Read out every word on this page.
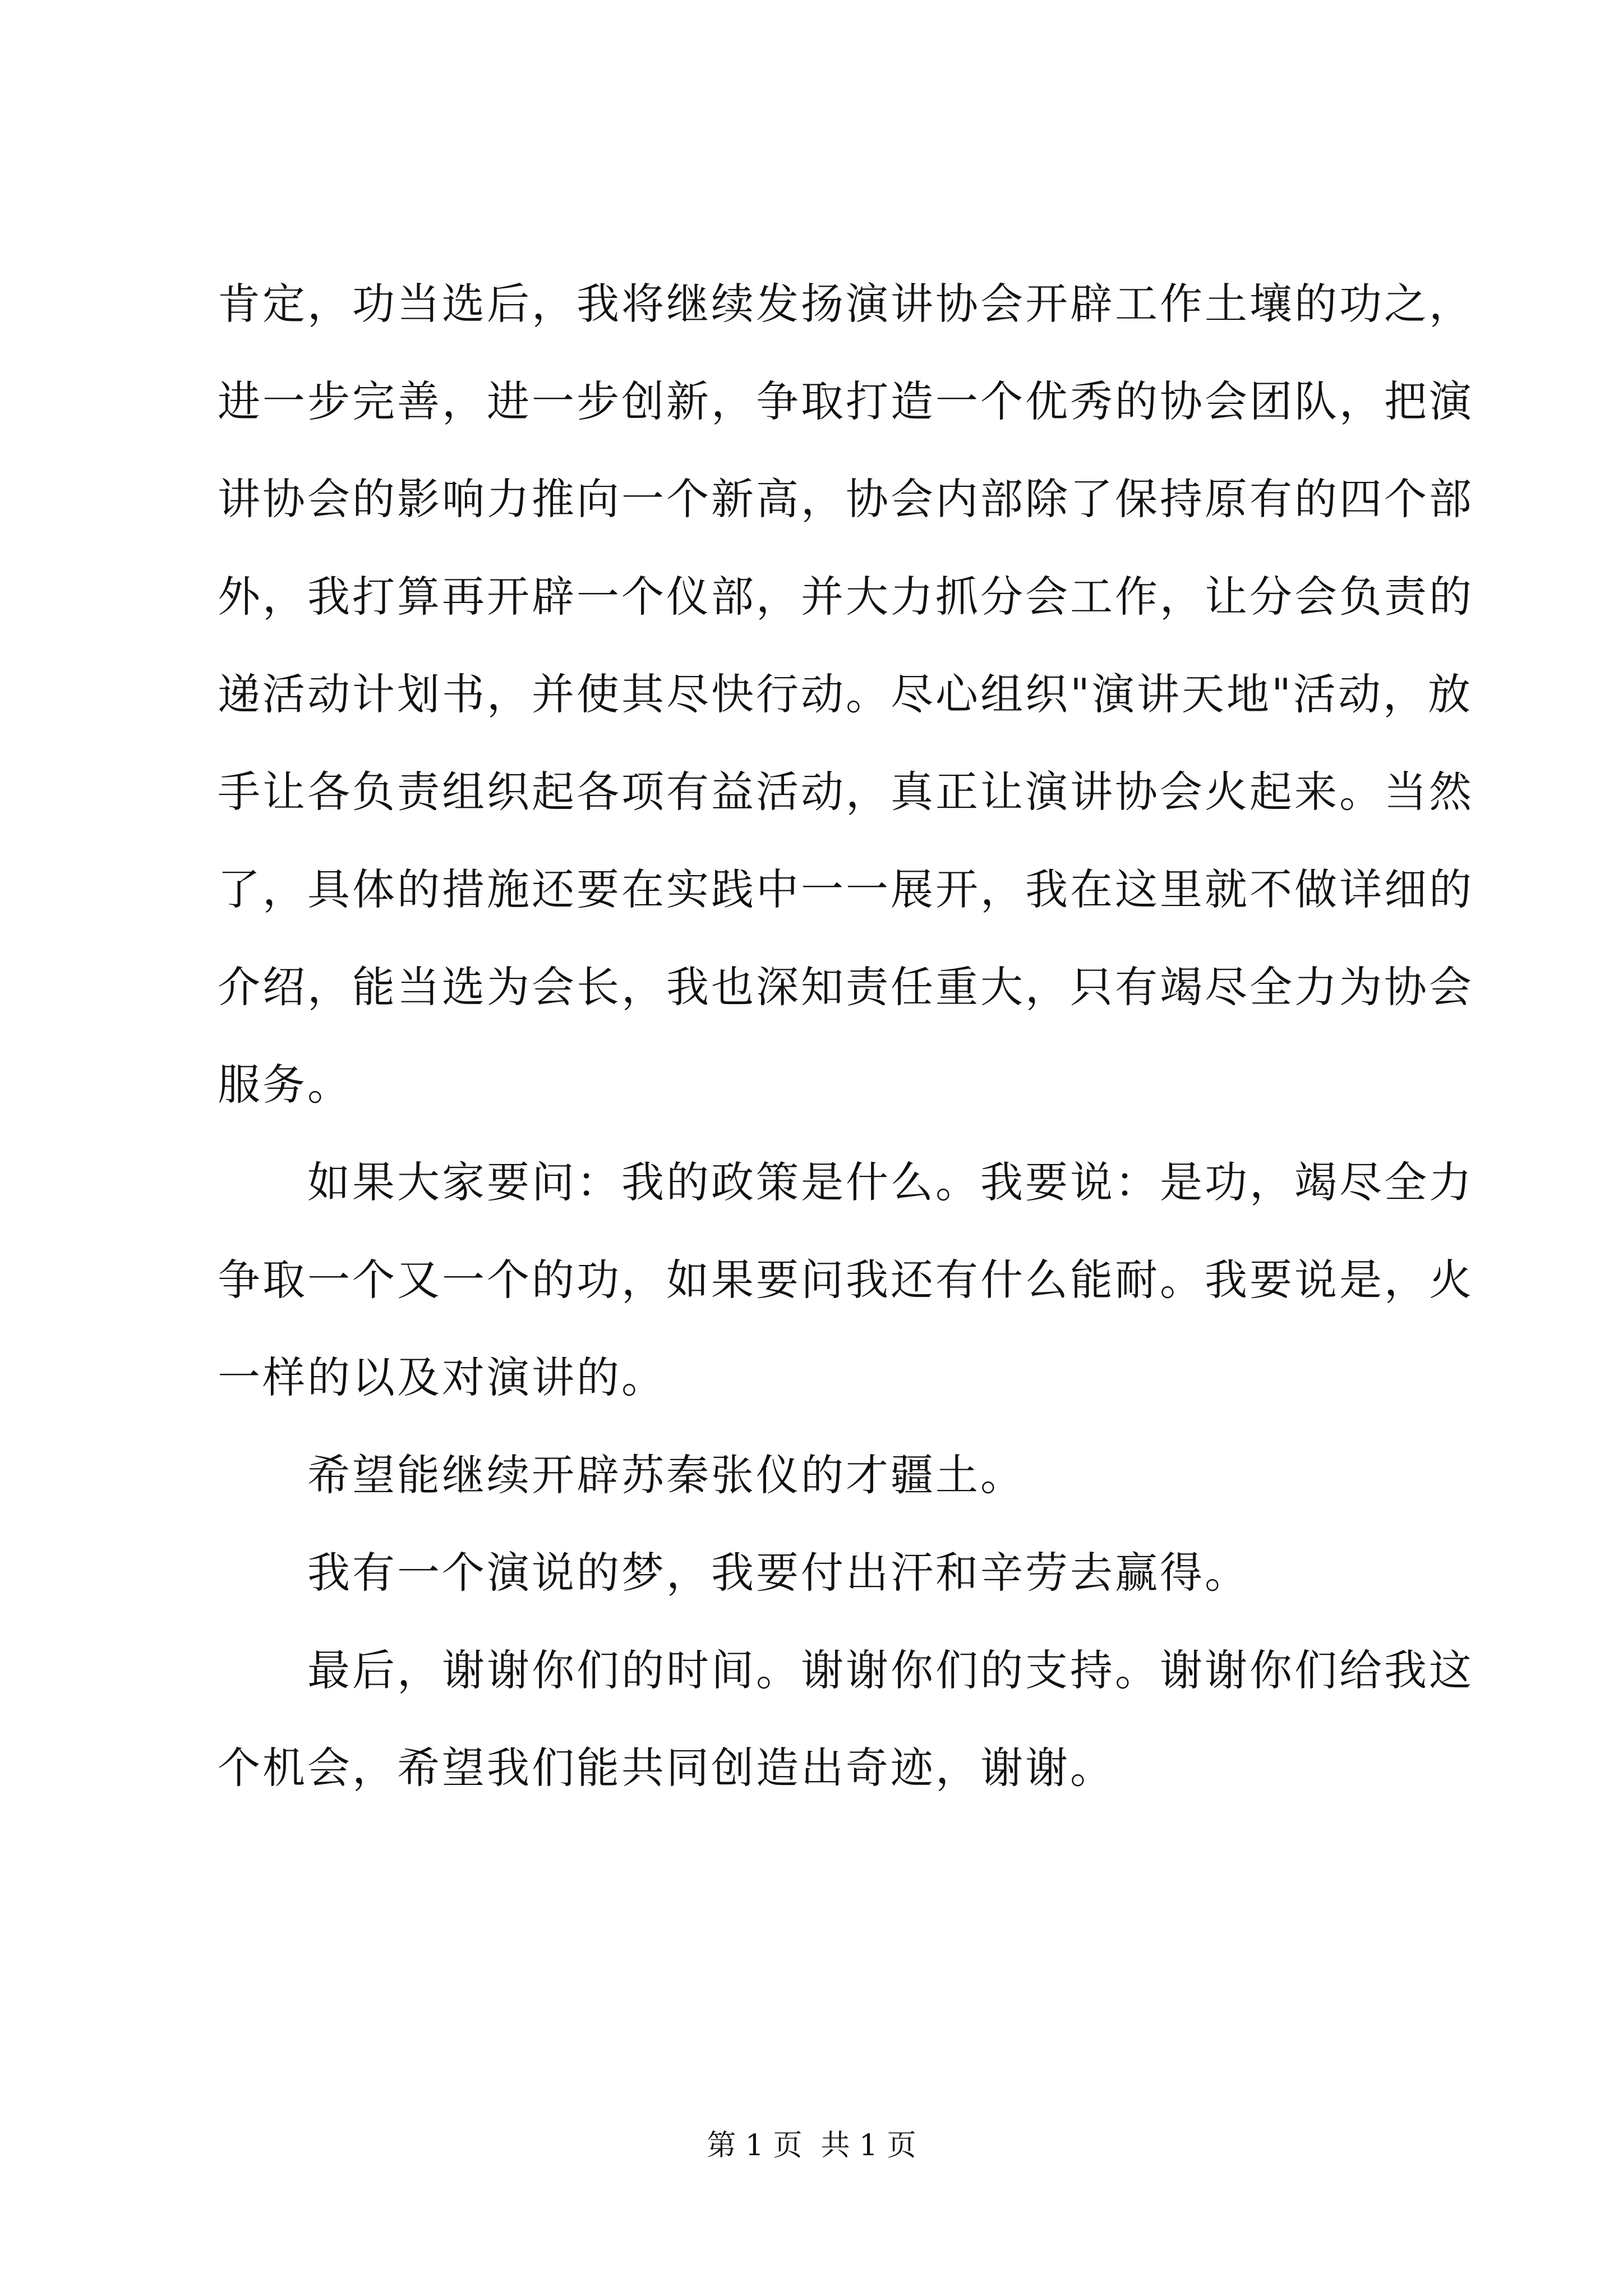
肯定，功当选后，我将继续发扬演讲协会开辟工作土壤的功之，
进一步完善，进一步创新，争取打造一个优秀的协会团队，把演
讲协会的影响力推向一个新高，协会内部除了保持原有的四个部
外，我打算再开辟一个仪部，并大力抓分会工作，让分会负责的
递活动计划书，并使其尽快行动。尽心组织"演讲天地"活动，放
手让各负责组织起各项有益活动，真正让演讲协会火起来。当然
了，具体的措施还要在实践中一一展开，我在这里就不做详细的
介绍，能当选为会长，我也深知责任重大，只有竭尽全力为协会
服务。
如果大家要问：我的政策是什么。我要说：是功，竭尽全力
争取一个又一个的功，如果要问我还有什么能耐。我要说是，火
一样的以及对演讲的。
希望能继续开辟苏秦张仪的才疆土。
我有一个演说的梦，我要付出汗和辛劳去赢得。
最后，谢谢你们的时间。谢谢你们的支持。谢谢你们给我这
个机会，希望我们能共同创造出奇迹，谢谢。
第 1 页  共 1 页
